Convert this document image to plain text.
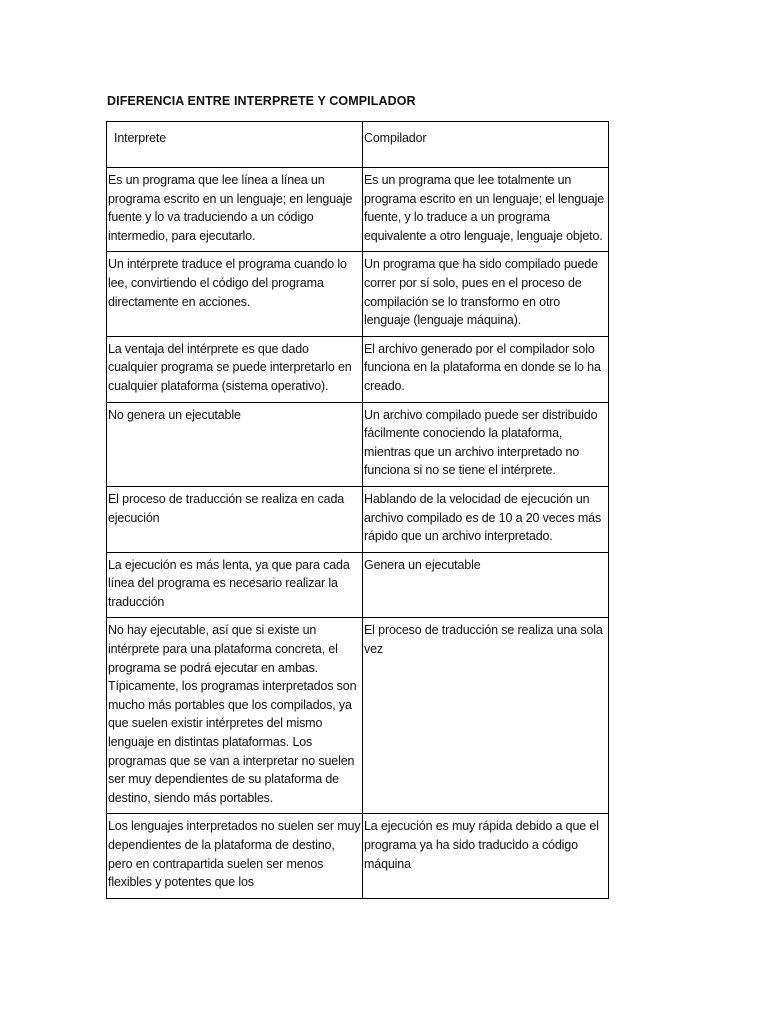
DIFERENCIA ENTRE INTERPRETE Y COMPILADOR
Interprete	Compilador
Es un programa que lee línea a línea un programa escrito en un lenguaje; en lenguaje fuente y lo va traduciendo a un código intermedio, para ejecutarlo.	Es un programa que lee totalmente un programa escrito en un lenguaje; el lenguaje fuente, y lo traduce a un programa equivalente a otro lenguaje, lenguaje objeto.
Un intérprete traduce el programa cuando lo lee, convirtiendo el código del programa directamente en acciones.	Un programa que ha sido compilado puede correr por sí solo, pues en el proceso de compilación se lo transformo en otro lenguaje (lenguaje máquina).
La ventaja del intérprete es que dado cualquier programa se puede interpretarlo en cualquier plataforma (sistema operativo).	El archivo generado por el compilador solo funciona en la plataforma en donde se lo ha creado.
No genera un ejecutable	Un archivo compilado puede ser distribuido fácilmente conociendo la plataforma, mientras que un archivo interpretado no funciona si no se tiene el intérprete.
El proceso de traducción se realiza en cada ejecución	Hablando de la velocidad de ejecución un archivo compilado es de 10 a 20 veces más rápido que un archivo interpretado.
La ejecución es más lenta, ya que para cada línea del programa es necesario realizar la traducción	Genera un ejecutable
No hay ejecutable, así que si existe un intérprete para una plataforma concreta, el programa se podrá ejecutar en ambas. Típicamente, los programas interpretados son mucho más portables que los compilados, ya que suelen existir intérpretes del mismo lenguaje en distintas plataformas. Los programas que se van a interpretar no suelen ser muy dependientes de su plataforma de destino, siendo más portables.	El proceso de traducción se realiza una sola vez
Los lenguajes interpretados no suelen ser muy dependientes de la plataforma de destino, pero en contrapartida suelen ser menos flexibles y potentes que los	La ejecución es muy rápida debido a que el programa ya ha sido traducido a código máquina
